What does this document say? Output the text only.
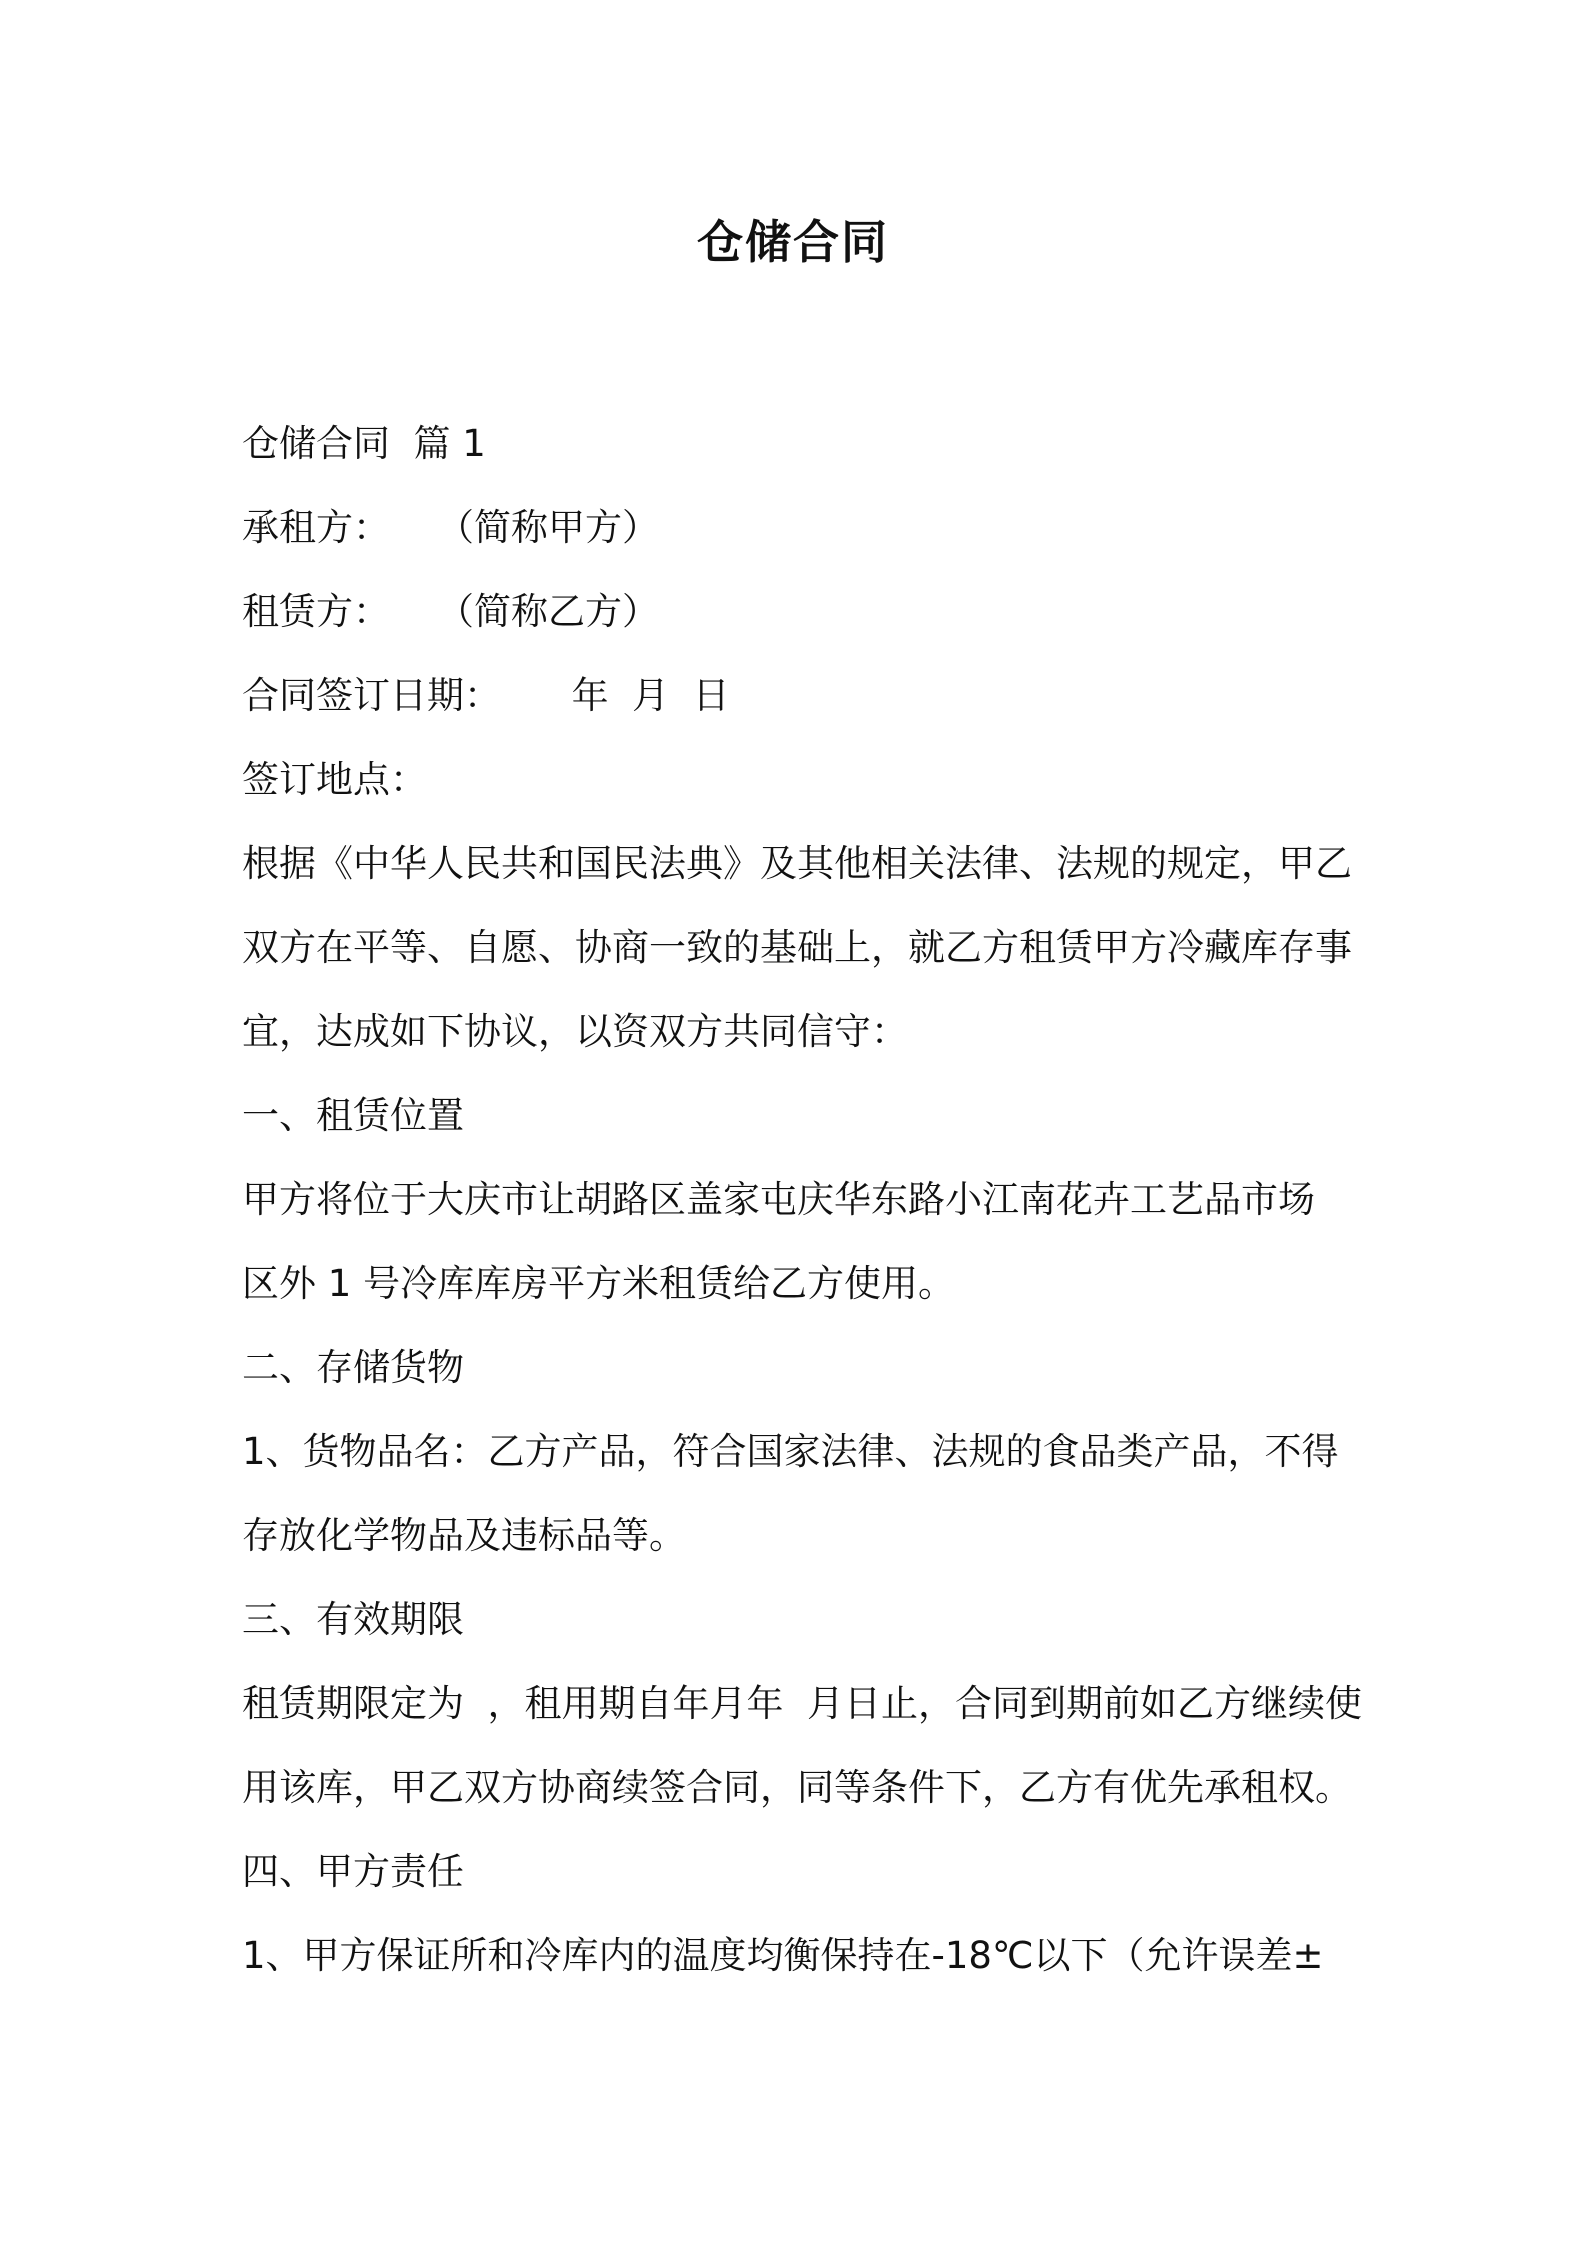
仓储合同

仓储合同  篇 1

承租方：    （简称甲方）

租赁方：    （简称乙方）

合同签订日期：      年  月  日

签订地点：

根据《中华人民共和国民法典》及其他相关法律、法规的规定，甲乙

双方在平等、自愿、协商一致的基础上，就乙方租赁甲方冷藏库存事

宜，达成如下协议，以资双方共同信守：

一、租赁位置

甲方将位于大庆市让胡路区盖家屯庆华东路小江南花卉工艺品市场

区外 1 号冷库库房平方米租赁给乙方使用。

二、存储货物

1、货物品名：乙方产品，符合国家法律、法规的食品类产品，不得

存放化学物品及违标品等。

三、有效期限

租赁期限定为  ，租用期自年月年  月日止，合同到期前如乙方继续使

用该库，甲乙双方协商续签合同，同等条件下，乙方有优先承租权。

四、甲方责任

1、甲方保证所和冷库内的温度均衡保持在-18℃以下（允许误差±
